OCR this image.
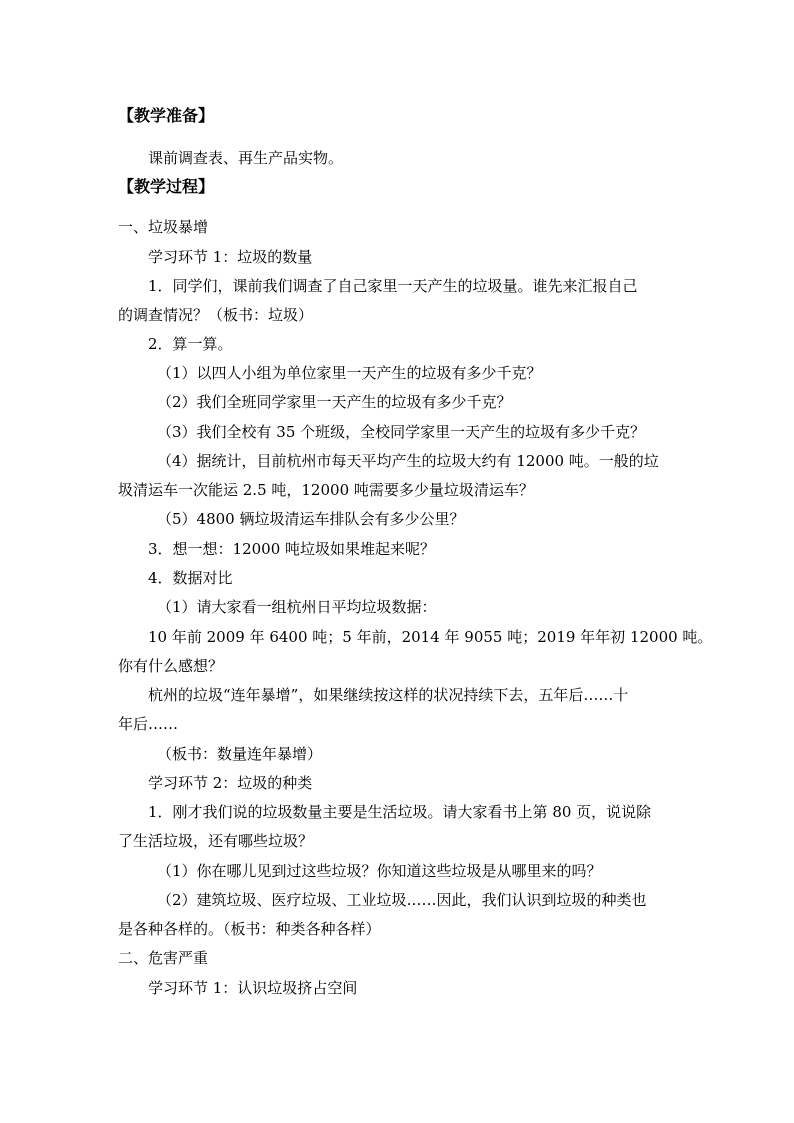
【教学准备】
课前调查表、再生产品实物。
【教学过程】
一、垃圾暴增
学习环节 1：垃圾的数量
1．同学们，课前我们调查了自己家里一天产生的垃圾量。谁先来汇报自己
的调查情况？（板书：垃圾）
2．算一算。
（1）以四人小组为单位家里一天产生的垃圾有多少千克？
（2）我们全班同学家里一天产生的垃圾有多少千克？
（3）我们全校有 35 个班级，全校同学家里一天产生的垃圾有多少千克？
（4）据统计，目前杭州市每天平均产生的垃圾大约有 12000 吨。一般的垃
圾清运车一次能运 2.5 吨，12000 吨需要多少量垃圾清运车？
（5）4800 辆垃圾清运车排队会有多少公里？
3．想一想：12000 吨垃圾如果堆起来呢？
4．数据对比
（1）请大家看一组杭州日平均垃圾数据：
10 年前 2009 年 6400 吨；5 年前，2014 年 9055 吨；2019 年年初 12000 吨。
你有什么感想？
杭州的垃圾“连年暴增”，如果继续按这样的状况持续下去，五年后……十
年后……
（板书：数量连年暴增）
学习环节 2：垃圾的种类
1．刚才我们说的垃圾数量主要是生活垃圾。请大家看书上第 80 页，说说除
了生活垃圾，还有哪些垃圾？
（1）你在哪儿见到过这些垃圾？你知道这些垃圾是从哪里来的吗？
（2）建筑垃圾、医疗垃圾、工业垃圾……因此，我们认识到垃圾的种类也
是各种各样的。（板书：种类各种各样）
二、危害严重
学习环节 1：认识垃圾挤占空间
